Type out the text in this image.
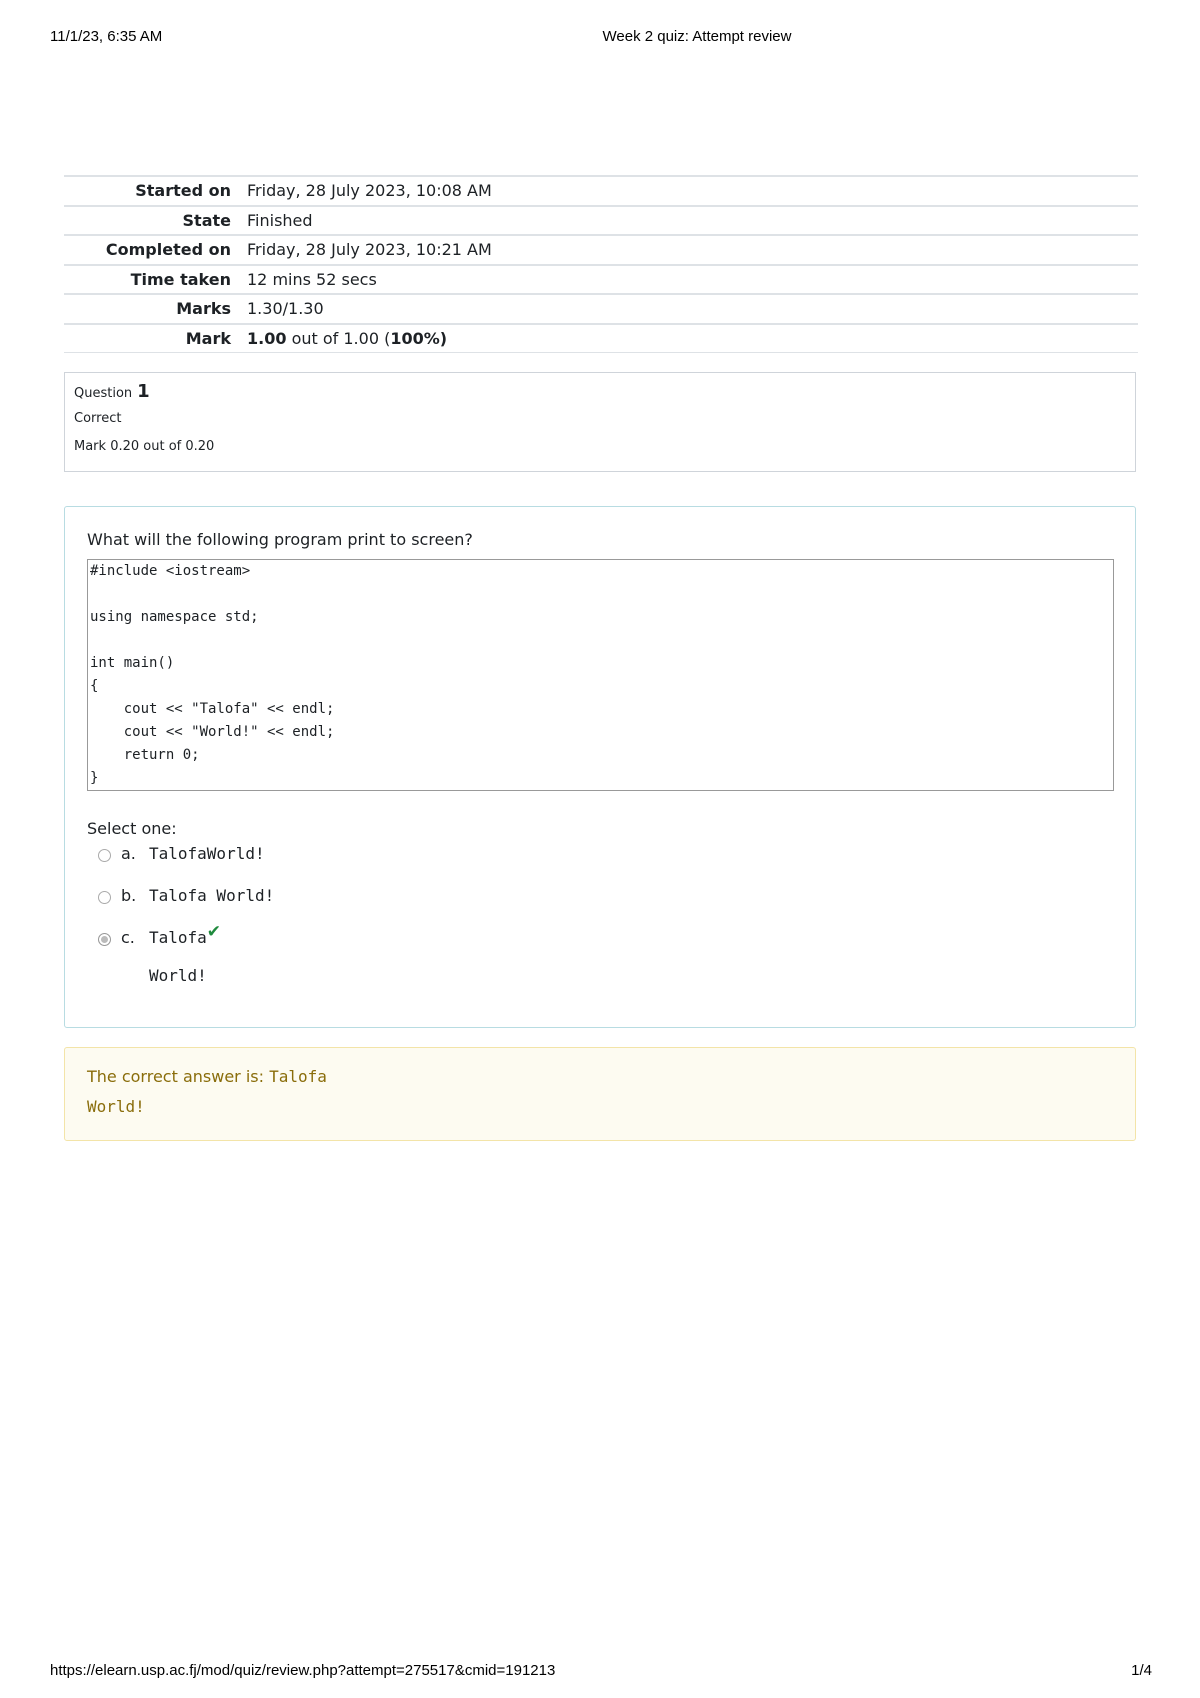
11/1/23, 6:35 AM	Week 2 quiz: Attempt review
Started on	Friday, 28 July 2023, 10:08 AM
State	Finished
Completed on	Friday, 28 July 2023, 10:21 AM
Time taken	12 mins 52 secs
Marks	1.30/1.30
Mark	1.00 out of 1.00 (100%)
Question 1
Correct
Mark 0.20 out of 0.20
What will the following program print to screen?
#include <iostream>

using namespace std;

int main()
{
cout << "Talofa" << endl;
cout << "World!" << endl;
return 0;
}
Select one:
a. TalofaWorld!
b. Talofa World!
c. Talofa
World!
✔
The correct answer is: Talofa
World!
https://elearn.usp.ac.fj/mod/quiz/review.php?attempt=275517&cmid=191213	1/4
